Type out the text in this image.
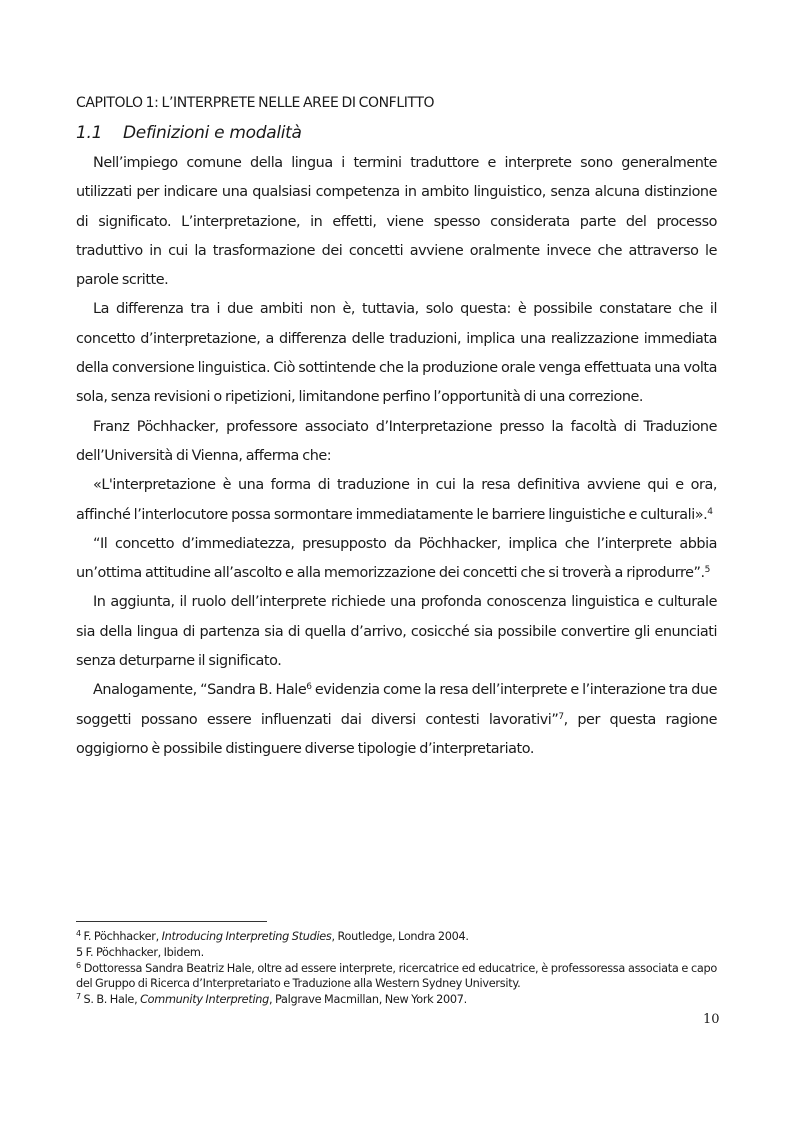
CAPITOLO 1: L’INTERPRETE NELLE AREE DI CONFLITTO
1.1 Definizioni e modalità

Nell’impiego comune della lingua i termini traduttore e interprete sono generalmente utilizzati per indicare una qualsiasi competenza in ambito linguistico, senza alcuna distinzione di significato. L’interpretazione, in effetti, viene spesso considerata parte del processo traduttivo in cui la trasformazione dei concetti avviene oralmente invece che attraverso le parole scritte.

La differenza tra i due ambiti non è, tuttavia, solo questa: è possibile constatare che il concetto d’interpretazione, a differenza delle traduzioni, implica una realizzazione immediata della conversione linguistica. Ciò sottintende che la produzione orale venga effettuata una volta sola, senza revisioni o ripetizioni, limitandone perfino l’opportunità di una correzione.

Franz Pöchhacker, professore associato d’Interpretazione presso la facoltà di Traduzione dell’Università di Vienna, afferma che:

«L'interpretazione è una forma di traduzione in cui la resa definitiva avviene qui e ora, affinché l’interlocutore possa sormontare immediatamente le barriere linguistiche e culturali».$^4$

“Il concetto d’immediatezza, presupposto da Pöchhacker, implica che l’interprete abbia un’ottima attitudine all’ascolto e alla memorizzazione dei concetti che si troverà a riprodurre”.$^5$

In aggiunta, il ruolo dell’interprete richiede una profonda conoscenza linguistica e culturale sia della lingua di partenza sia di quella d’arrivo, cosicché sia possibile convertire gli enunciati senza deturparne il significato.

Analogamente, “Sandra B. Hale$^6$ evidenzia come la resa dell’interprete e l’interazione tra due soggetti possano essere influenzati dai diversi contesti lavorativi”$^7$, per questa ragione oggigiorno è possibile distinguere diverse tipologie d’interpretariato.

$^4$ F. Pöchhacker, Introducing Interpreting Studies, Routledge, Londra 2004.

5 F. Pöchhacker, Ibidem.

$^6$ Dottoressa Sandra Beatriz Hale, oltre ad essere interprete, ricercatrice ed educatrice, è professoressa associata e capo del Gruppo di Ricerca d’Interpretariato e Traduzione alla Western Sydney University.

$^7$ S. B. Hale, Community Interpreting, Palgrave Macmillan, New York 2007.

10
